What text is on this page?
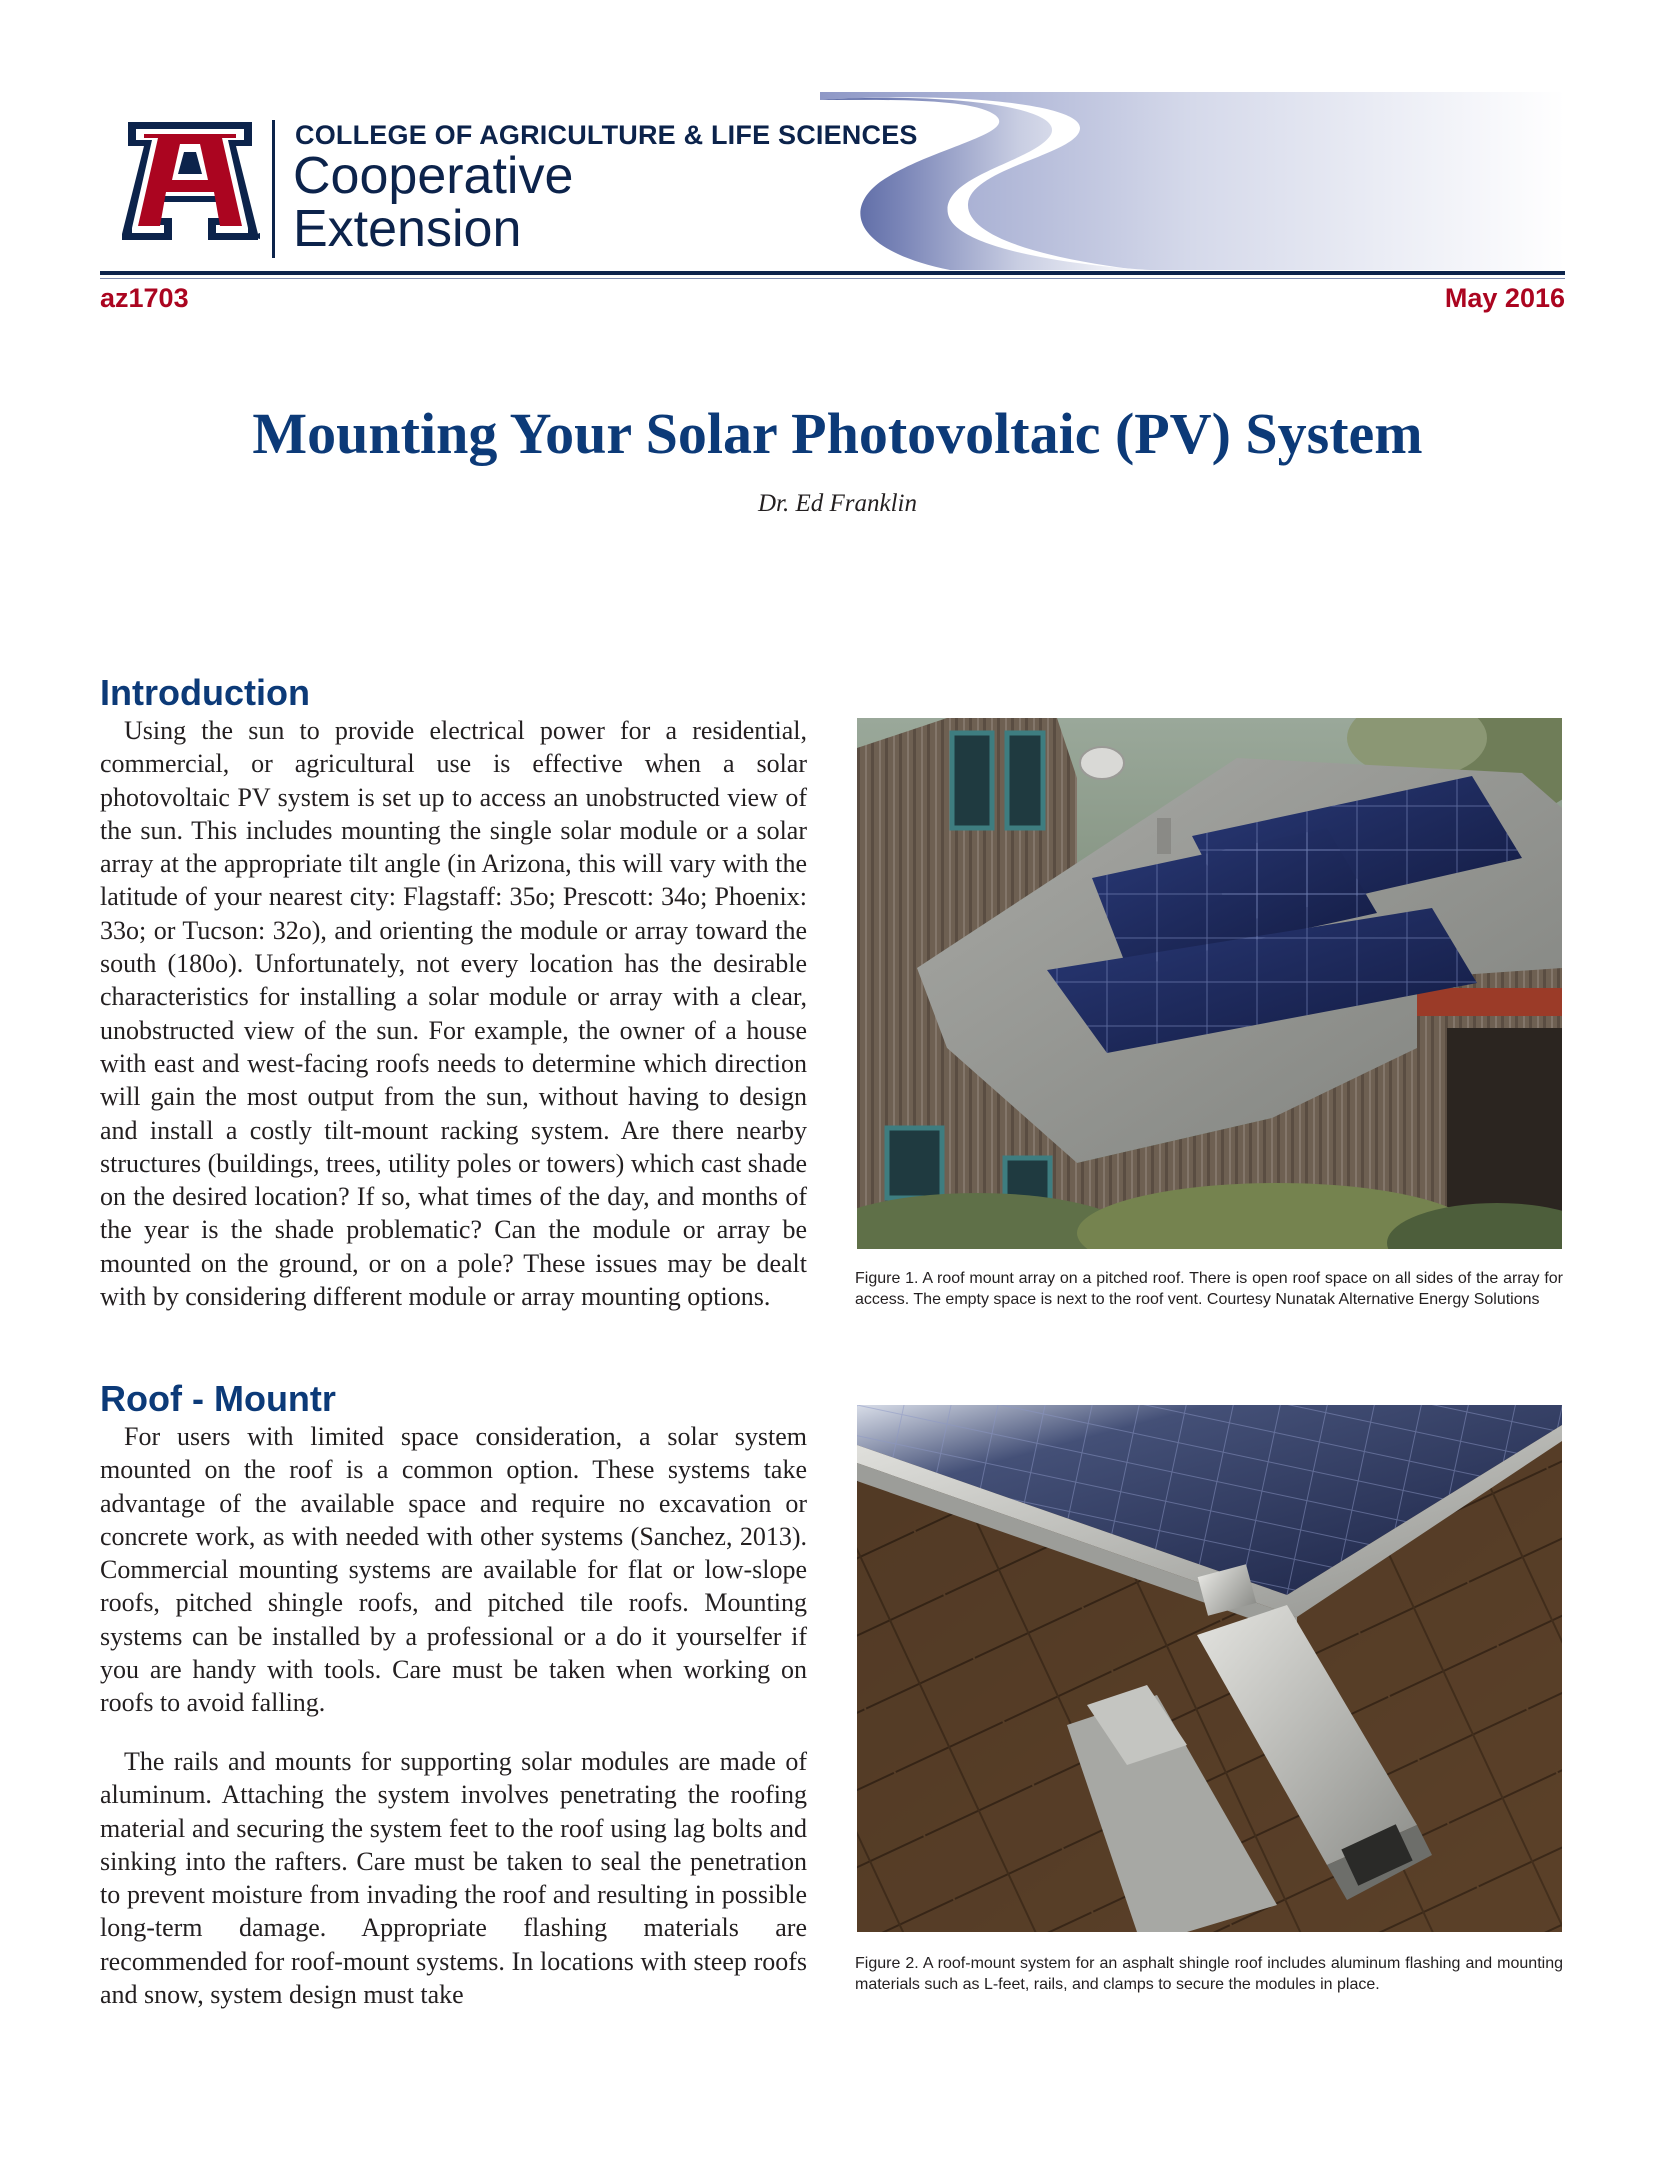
COLLEGE OF AGRICULTURE & LIFE SCIENCES
Cooperative
Extension
az1703	May 2016
Mounting Your Solar Photovoltaic (PV) System
Dr. Ed Franklin
Introduction

Using the sun to provide electrical power for a residential, commercial, or agricultural use is effective when a solar photovoltaic PV system is set up to access an unobstructed view of the sun. This includes mounting the single solar module or a solar array at the appropriate tilt angle (in Arizona, this will vary with the latitude of your nearest city: Flagstaff: 35o; Prescott: 34o; Phoenix: 33o; or Tucson: 32o), and orienting the module or array toward the south (180o). Unfortunately, not every location has the desirable characteristics for installing a solar module or array with a clear, unobstructed view of the sun. For example, the owner of a house with east and west-facing roofs needs to determine which direction will gain the most output from the sun, without having to design and install a costly tilt-mount racking system. Are there nearby structures (buildings, trees, utility poles or towers) which cast shade on the desired location? If so, what times of the day, and months of the year is the shade problematic? Can the module or array be mounted on the ground, or on a pole? These issues may be dealt with by considering different module or array mounting options.

Roof - Mountr

For users with limited space consideration, a solar system mounted on the roof is a common option. These systems take advantage of the available space and require no excavation or concrete work, as with needed with other systems (Sanchez, 2013). Commercial mounting systems are available for flat or low-slope roofs, pitched shingle roofs, and pitched tile roofs. Mounting systems can be installed by a professional or a do it yourselfer if you are handy with tools. Care must be taken when working on roofs to avoid falling.

The rails and mounts for supporting solar modules are made of aluminum. Attaching the system involves penetrating the roofing material and securing the system feet to the roof using lag bolts and sinking into the rafters. Care must be taken to seal the penetration to prevent moisture from invading the roof and resulting in possible long-term damage. Appropriate flashing materials are recommended for roof-mount systems. In locations with steep roofs and snow, system design must take

Figure 1. A roof mount array on a pitched roof. There is open roof space on all sides of the array for access. The empty space is next to the roof vent. Courtesy Nunatak Alternative Energy Solutions

Figure 2. A roof-mount system for an asphalt shingle roof includes aluminum flashing and mounting materials such as L-feet, rails, and clamps to secure the modules in place.
